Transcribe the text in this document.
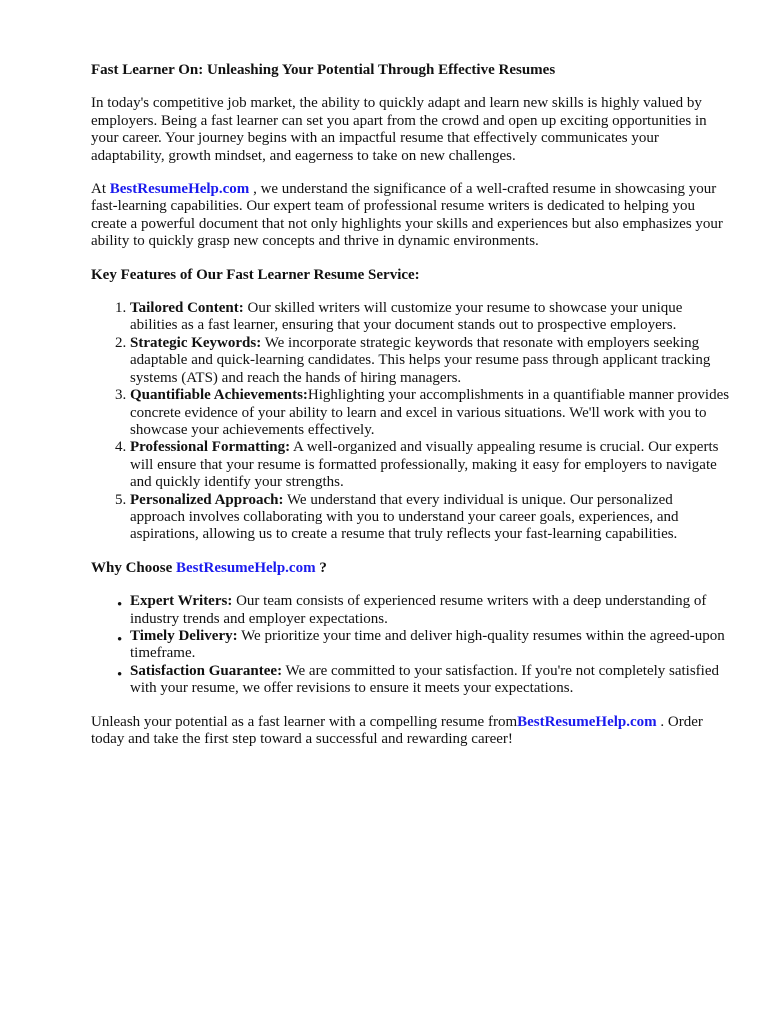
Fast Learner On: Unleashing Your Potential Through Effective Resumes

In today's competitive job market, the ability to quickly adapt and learn new skills is highly valued by employers. Being a fast learner can set you apart from the crowd and open up exciting opportunities in your career. Your journey begins with an impactful resume that effectively communicates your adaptability, growth mindset, and eagerness to take on new challenges.

At BestResumeHelp.com , we understand the significance of a well-crafted resume in showcasing your fast-learning capabilities. Our expert team of professional resume writers is dedicated to helping you create a powerful document that not only highlights your skills and experiences but also emphasizes your ability to quickly grasp new concepts and thrive in dynamic environments.

Key Features of Our Fast Learner Resume Service:
1. Tailored Content: Our skilled writers will customize your resume to showcase your unique abilities as a fast learner, ensuring that your document stands out to prospective employers.
2. Strategic Keywords: We incorporate strategic keywords that resonate with employers seeking adaptable and quick-learning candidates. This helps your resume pass through applicant tracking systems (ATS) and reach the hands of hiring managers.
3. Quantifiable Achievements:Highlighting your accomplishments in a quantifiable manner provides concrete evidence of your ability to learn and excel in various situations. We'll work with you to showcase your achievements effectively.
4. Professional Formatting: A well-organized and visually appealing resume is crucial. Our experts will ensure that your resume is formatted professionally, making it easy for employers to navigate and quickly identify your strengths.
5. Personalized Approach: We understand that every individual is unique. Our personalized approach involves collaborating with you to understand your career goals, experiences, and aspirations, allowing us to create a resume that truly reflects your fast-learning capabilities.
Why Choose BestResumeHelp.com ?
• Expert Writers: Our team consists of experienced resume writers with a deep understanding of industry trends and employer expectations.
• Timely Delivery: We prioritize your time and deliver high-quality resumes within the agreed-upon timeframe.
• Satisfaction Guarantee: We are committed to your satisfaction. If you're not completely satisfied with your resume, we offer revisions to ensure it meets your expectations.

Unleash your potential as a fast learner with a compelling resume fromBestResumeHelp.com . Order today and take the first step toward a successful and rewarding career!
